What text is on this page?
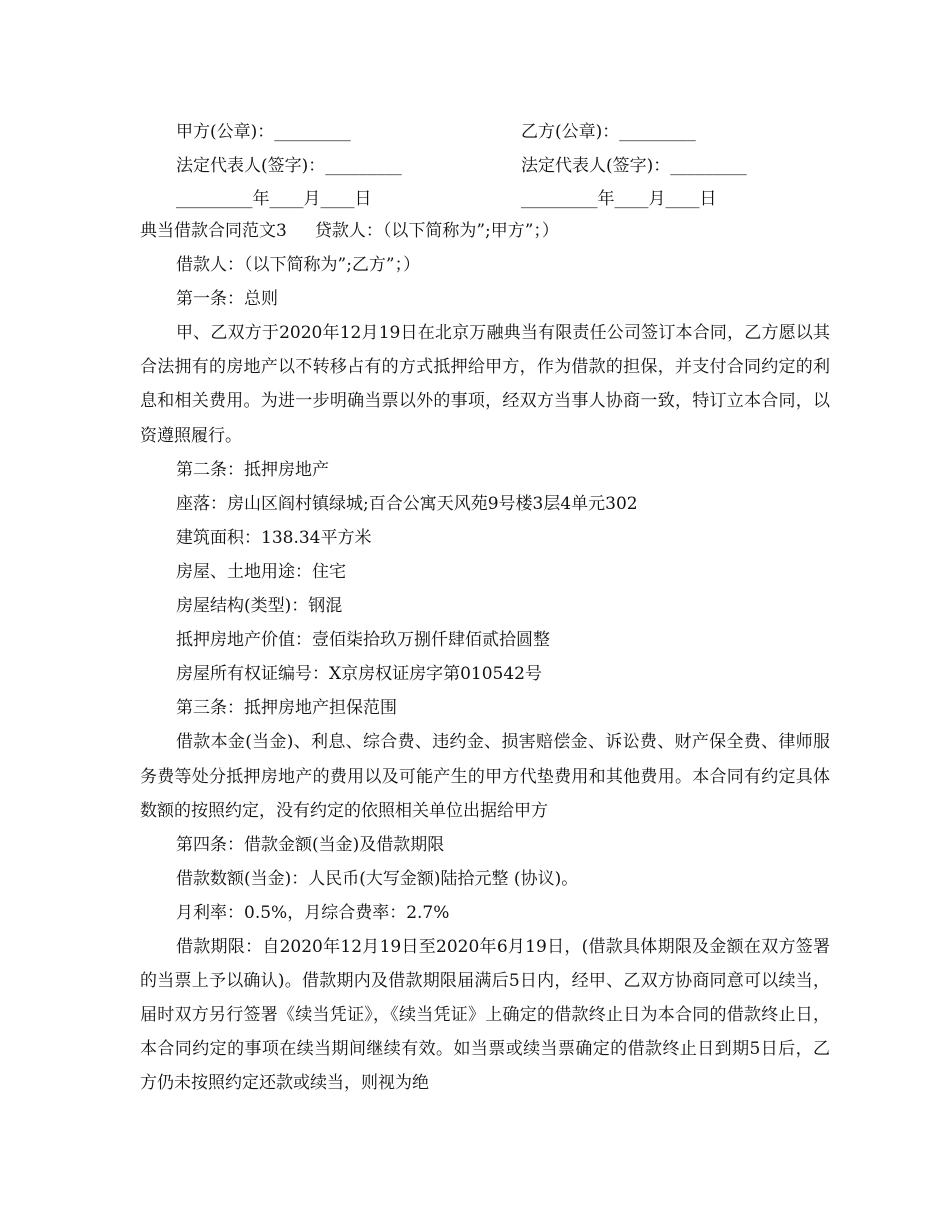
甲方(公章)：_________	乙方(公章)：_________
法定代表人(签字)：_________	法定代表人(签字)：_________
_________年____月____日	_________年____月____日

典当借款合同范文3 贷款人：（以下简称为”;甲方”；）

借款人：（以下简称为”;乙方”；）

第一条：总则

甲、乙双方于2020年12月19日在北京万融典当有限责任公司签订本合同，乙方愿以其合法拥有的房地产以不转移占有的方式抵押给甲方，作为借款的担保，并支付合同约定的利息和相关费用。为进一步明确当票以外的事项，经双方当事人协商一致，特订立本合同，以资遵照履行。

第二条：抵押房地产

座落：房山区阎村镇绿城;百合公寓天风苑9号楼3层4单元302

建筑面积：138.34平方米

房屋、土地用途：住宅

房屋结构(类型)：钢混

抵押房地产价值：壹佰柒拾玖万捌仟肆佰贰拾圆整

房屋所有权证编号：X京房权证房字第010542号

第三条：抵押房地产担保范围

借款本金(当金)、利息、综合费、违约金、损害赔偿金、诉讼费、财产保全费、律师服务费等处分抵押房地产的费用以及可能产生的甲方代垫费用和其他费用。本合同有约定具体数额的按照约定，没有约定的依照相关单位出据给甲方

第四条：借款金额(当金)及借款期限

借款数额(当金)：人民币(大写金额)陆拾元整 (协议)。

月利率：0.5%，月综合费率：2.7%

借款期限：自2020年12月19日至2020年6月19日，(借款具体期限及金额在双方签署的当票上予以确认)。借款期内及借款期限届满后5日内，经甲、乙双方协商同意可以续当，届时双方另行签署《续当凭证》，《续当凭证》上确定的借款终止日为本合同的借款终止日，本合同约定的事项在续当期间继续有效。如当票或续当票确定的借款终止日到期5日后，乙方仍未按照约定还款或续当，则视为绝
